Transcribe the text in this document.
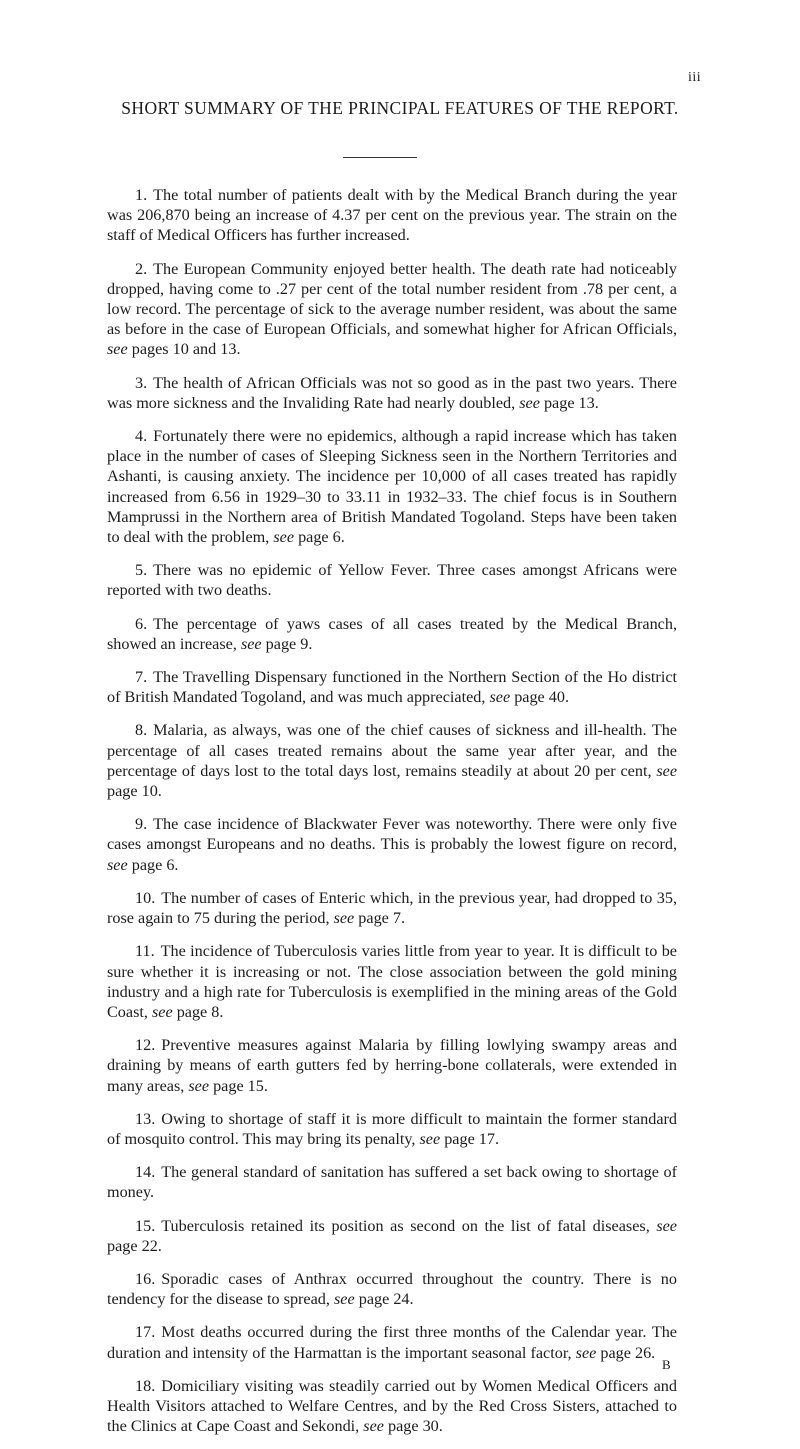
iii
SHORT SUMMARY OF THE PRINCIPAL FEATURES OF THE REPORT.
1. The total number of patients dealt with by the Medical Branch during the year was 206,870 being an increase of 4.37 per cent on the previous year. The strain on the staff of Medical Officers has further increased.
2. The European Community enjoyed better health. The death rate had noticeably dropped, having come to .27 per cent of the total number resident from .78 per cent, a low record. The percentage of sick to the average number resident, was about the same as before in the case of European Officials, and somewhat higher for African Officials, see pages 10 and 13.
3. The health of African Officials was not so good as in the past two years. There was more sickness and the Invaliding Rate had nearly doubled, see page 13.
4. Fortunately there were no epidemics, although a rapid increase which has taken place in the number of cases of Sleeping Sickness seen in the Northern Territories and Ashanti, is causing anxiety. The incidence per 10,000 of all cases treated has rapidly increased from 6.56 in 1929–30 to 33.11 in 1932–33. The chief focus is in Southern Mamprussi in the Northern area of British Mandated Togoland. Steps have been taken to deal with the problem, see page 6.
5. There was no epidemic of Yellow Fever. Three cases amongst Africans were reported with two deaths.
6. The percentage of yaws cases of all cases treated by the Medical Branch, showed an increase, see page 9.
7. The Travelling Dispensary functioned in the Northern Section of the Ho district of British Mandated Togoland, and was much appreciated, see page 40.
8. Malaria, as always, was one of the chief causes of sickness and ill-health. The percentage of all cases treated remains about the same year after year, and the percentage of days lost to the total days lost, remains steadily at about 20 per cent, see page 10.
9. The case incidence of Blackwater Fever was noteworthy. There were only five cases amongst Europeans and no deaths. This is probably the lowest figure on record, see page 6.
10. The number of cases of Enteric which, in the previous year, had dropped to 35, rose again to 75 during the period, see page 7.
11. The incidence of Tuberculosis varies little from year to year. It is difficult to be sure whether it is increasing or not. The close association between the gold mining industry and a high rate for Tuberculosis is exemplified in the mining areas of the Gold Coast, see page 8.
12. Preventive measures against Malaria by filling lowlying swampy areas and draining by means of earth gutters fed by herring-bone collaterals, were extended in many areas, see page 15.
13. Owing to shortage of staff it is more difficult to maintain the former standard of mosquito control. This may bring its penalty, see page 17.
14. The general standard of sanitation has suffered a set back owing to shortage of money.
15. Tuberculosis retained its position as second on the list of fatal diseases, see page 22.
16. Sporadic cases of Anthrax occurred throughout the country. There is no tendency for the disease to spread, see page 24.
17. Most deaths occurred during the first three months of the Calendar year. The duration and intensity of the Harmattan is the important seasonal factor, see page 26.
18. Domiciliary visiting was steadily carried out by Women Medical Officers and Health Visitors attached to Welfare Centres, and by the Red Cross Sisters, attached to the Clinics at Cape Coast and Sekondi, see page 30.
B
